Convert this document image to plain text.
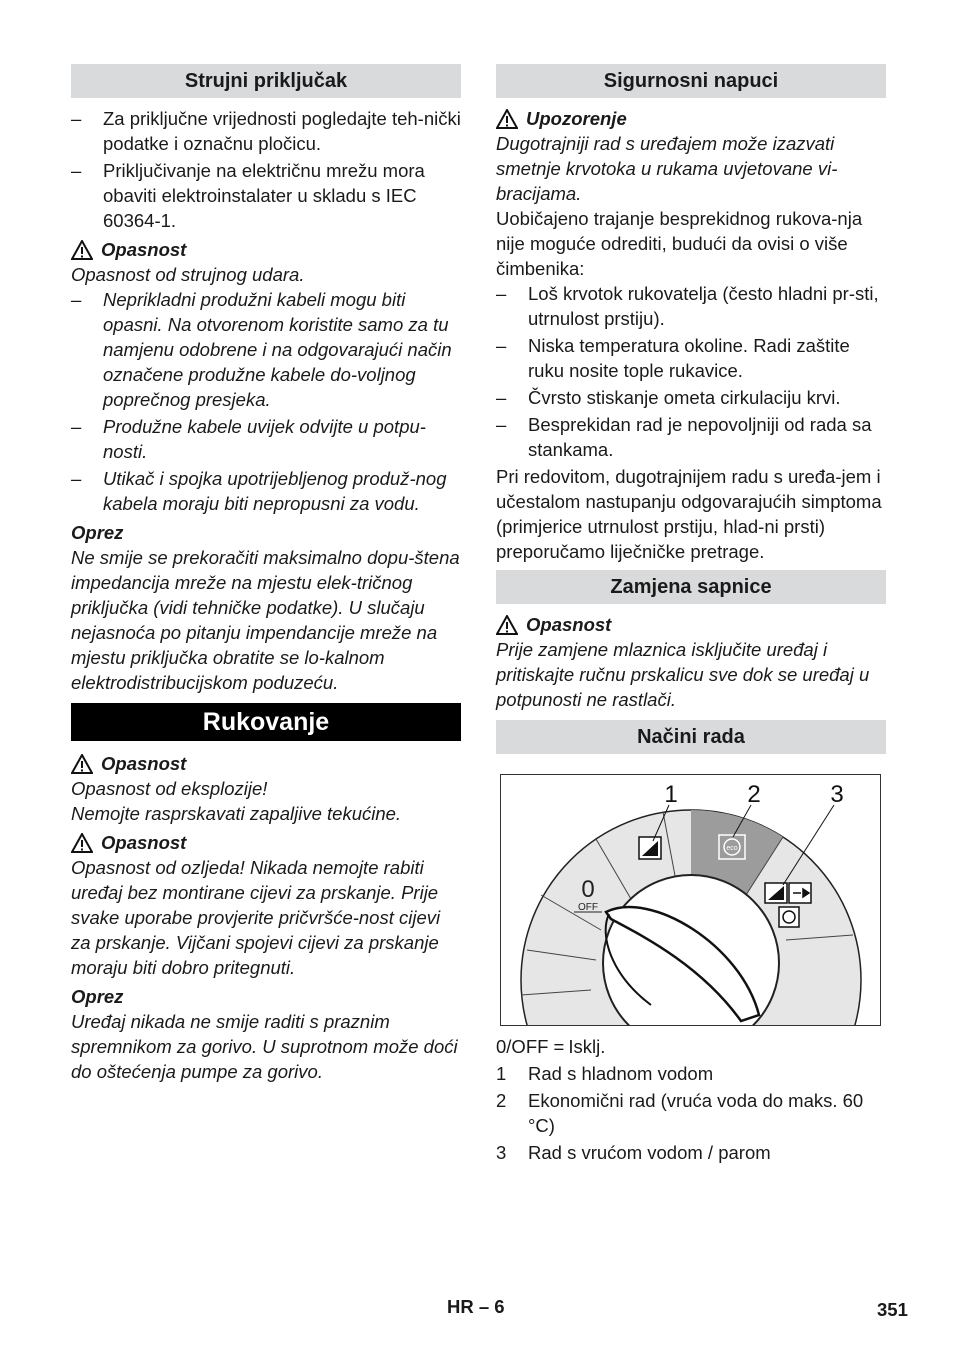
Strujni priključak
– Za priključne vrijednosti pogledajte teh-nički podatke i označnu pločicu.
– Priključivanje na električnu mrežu mora obaviti elektroinstalater u skladu s IEC 60364-1.
Opasnost

Opasnost od strujnog udara.

– Neprikladni produžni kabeli mogu biti opasni. Na otvorenom koristite samo za tu namjenu odobrene i na odgovarajući način označene produžne kabele do-voljnog poprečnog presjeka.
– Produžne kabele uvijek odvijte u potpu-nosti.
– Utikač i spojka upotrijebljenog produž-nog kabela moraju biti nepropusni za vodu.
Oprez

Ne smije se prekoračiti maksimalno dopu-štena impedancija mreže na mjestu elek-tričnog priključka (vidi tehničke podatke). U slučaju nejasnoća po pitanju impendancije mreže na mjestu priključka obratite se lo-kalnom elektrodistribucijskom poduzeću.

Rukovanje
Opasnost

Opasnost od eksplozije!

Nemojte rasprskavati zapaljive tekućine.

Opasnost

Opasnost od ozljeda! Nikada nemojte rabiti uređaj bez montirane cijevi za prskanje. Prije svake uporabe provjerite pričvršće-nost cijevi za prskanje. Vijčani spojevi cijevi za prskanje moraju biti dobro pritegnuti.

Oprez

Uređaj nikada ne smije raditi s praznim spremnikom za gorivo. U suprotnom može doći do oštećenja pumpe za gorivo.

Sigurnosni napuci
Upozorenje

Dugotrajniji rad s uređajem može izazvati smetnje krvotoka u rukama uvjetovane vi-bracijama.

Uobičajeno trajanje besprekidnog rukova-nja nije moguće odrediti, budući da ovisi o više čimbenika:

– Loš krvotok rukovatelja (često hladni pr-sti, utrnulost prstiju).
– Niska temperatura okoline. Radi zaštite ruku nosite tople rukavice.
– Čvrsto stiskanje ometa cirkulaciju krvi.
– Besprekidan rad je nepovoljniji od rada sa stankama.

Pri redovitom, dugotrajnijem radu s uređa-jem i učestalom nastupanju odgovarajućih simptoma (primjerice utrnulost prstiju, hlad-ni prsti) preporučamo liječničke pretrage.

Zamjena sapnice
Opasnost

Prije zamjene mlaznica isključite uređaj i pritiskajte ručnu prskalicu sve dok se uređaj u potpunosti ne rastlači.

Načini rada
eco
0
OFF
1	2	3
0/OFF = Isklj.
1	Rad s hladnom vodom
2	Ekonomični rad (vruća voda do maks. 60 °C)
3	Rad s vrućom vodom / parom
HR – 6	351
